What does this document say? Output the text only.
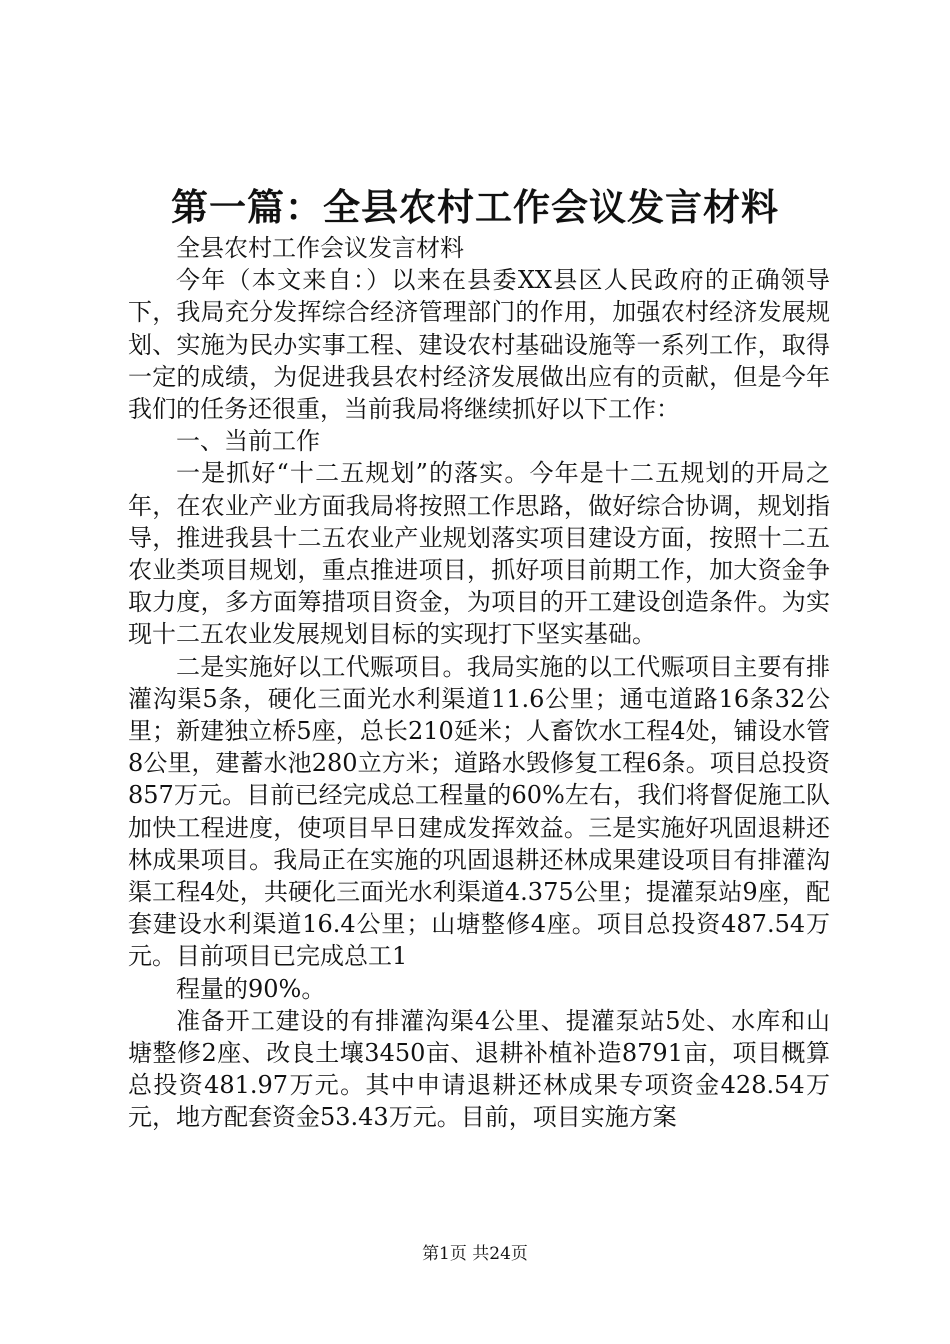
第一篇：全县农村工作会议发言材料

全县农村工作会议发言材料

今年（本文来自：）以来在县委XX县区人民政府的正确领导下，我局充分发挥综合经济管理部门的作用，加强农村经济发展规划、实施为民办实事工程、建设农村基础设施等一系列工作，取得一定的成绩，为促进我县农村经济发展做出应有的贡献，但是今年我们的任务还很重，当前我局将继续抓好以下工作：

一、当前工作

一是抓好“十二五规划”的落实。今年是十二五规划的开局之年，在农业产业方面我局将按照工作思路，做好综合协调，规划指导，推进我县十二五农业产业规划落实项目建设方面，按照十二五农业类项目规划，重点推进项目，抓好项目前期工作，加大资金争取力度，多方面筹措项目资金，为项目的开工建设创造条件。为实现十二五农业发展规划目标的实现打下坚实基础。

二是实施好以工代赈项目。我局实施的以工代赈项目主要有排灌沟渠5条，硬化三面光水利渠道11.6公里；通屯道路16条32公里；新建独立桥5座，总长210延米；人畜饮水工程4处，铺设水管8公里，建蓄水池280立方米；道路水毁修复工程6条。项目总投资857万元。目前已经完成总工程量的60%左右，我们将督促施工队加快工程进度，使项目早日建成发挥效益。三是实施好巩固退耕还林成果项目。我局正在实施的巩固退耕还林成果建设项目有排灌沟渠工程4处，共硬化三面光水利渠道4.375公里；提灌泵站9座，配套建设水利渠道16.4公里；山塘整修4座。项目总投资487.54万元。目前项目已完成总工1

程量的90%。

准备开工建设的有排灌沟渠4公里、提灌泵站5处、水库和山塘整修2座、改良土壤3450亩、退耕补植补造8791亩，项目概算总投资481.97万元。其中申请退耕还林成果专项资金428.54万元，地方配套资金53.43万元。目前，项目实施方案

第1页 共24页
